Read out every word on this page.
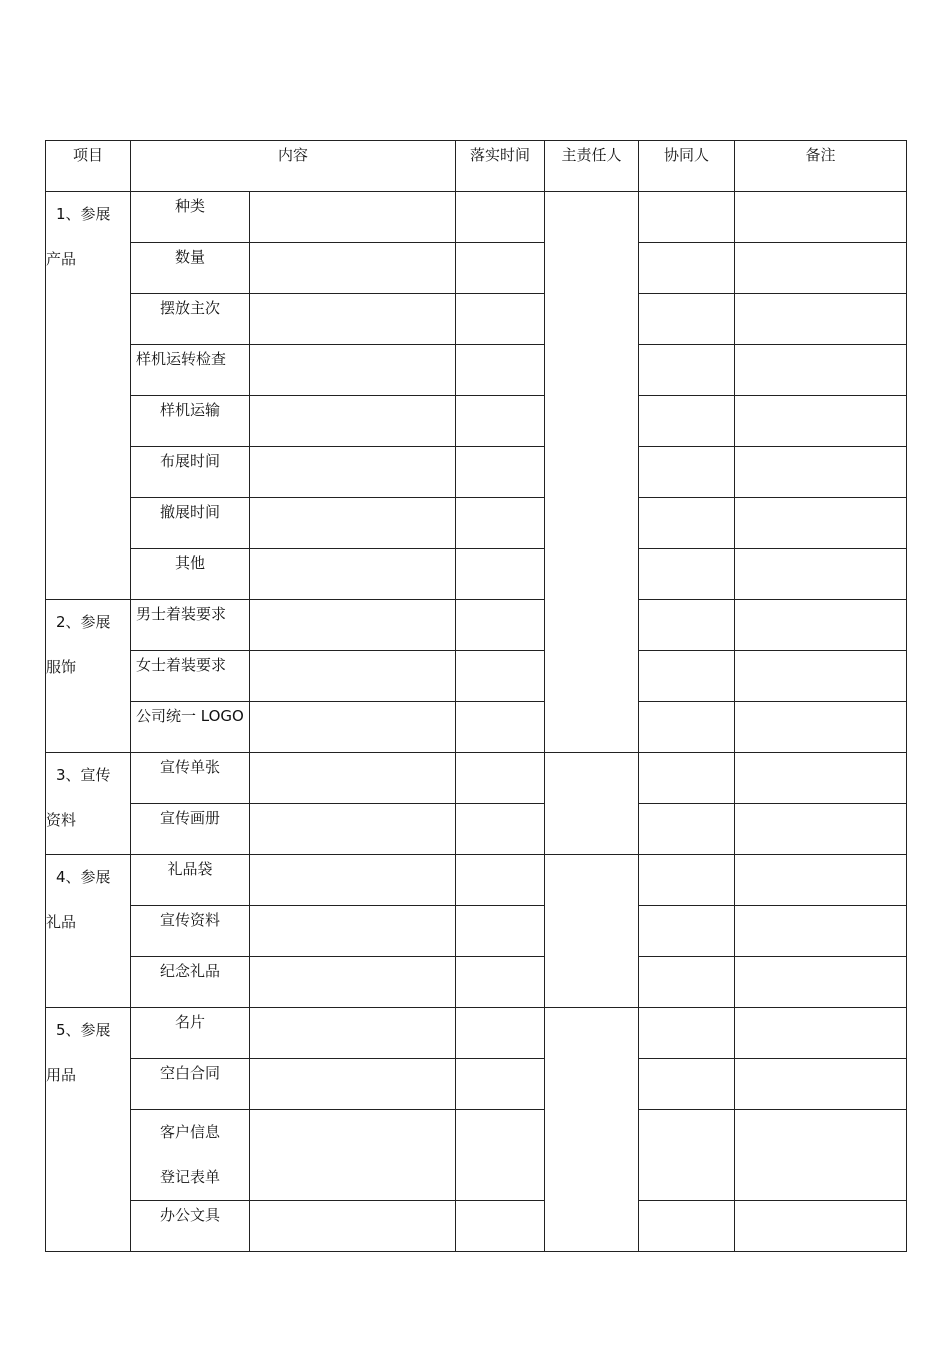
项目	内容		落实时间	主责任人	协同人	备注

1、参展
产品	种类					

	数量					

	摆放主次					

	样机运转检查					

	样机运输					

	布展时间					

	撤展时间					

	其他					

2、参展
服饰	男士着装要求					

	女士着装要求					

	公司统一 LOGO					

3、宣传
资料	宣传单张					

	宣传画册					

4、参展
礼品	礼品袋					

	宣传资料					

	纪念礼品					

5、参展
用品	名片					

	空白合同					

	客户信息
登记表单					

	办公文具					
